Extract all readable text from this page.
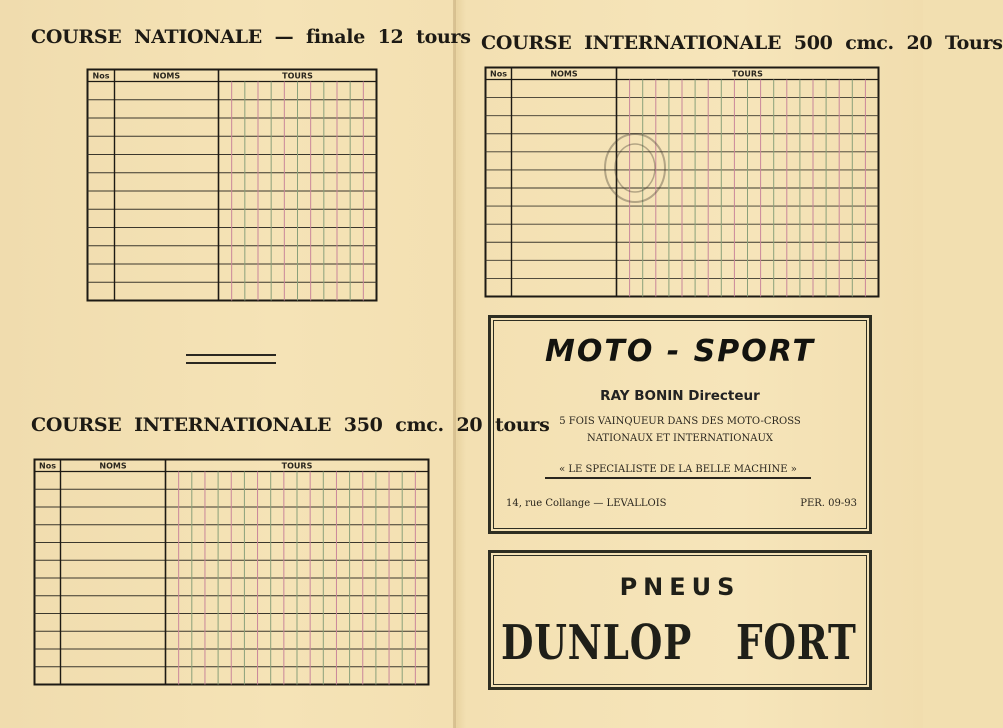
COURSE NATIONALE — finale 12 tours
Nos	NOMS	TOURS
COURSE INTERNATIONALE 350 cmc. 20 tours
Nos	NOMS	TOURS
COURSE INTERNATIONALE 500 cmc. 20 Tours
Nos	NOMS	TOURS
MOTO - SPORT
RAY BONIN Directeur
5 FOIS VAINQUEUR DANS DES MOTO-CROSS
NATIONAUX ET INTERNATIONAUX
« LE SPECIALISTE DE LA BELLE MACHINE »
14, rue Collange — LEVALLOIS	PER. 09-93
PNEUS
DUNLOP FORT
